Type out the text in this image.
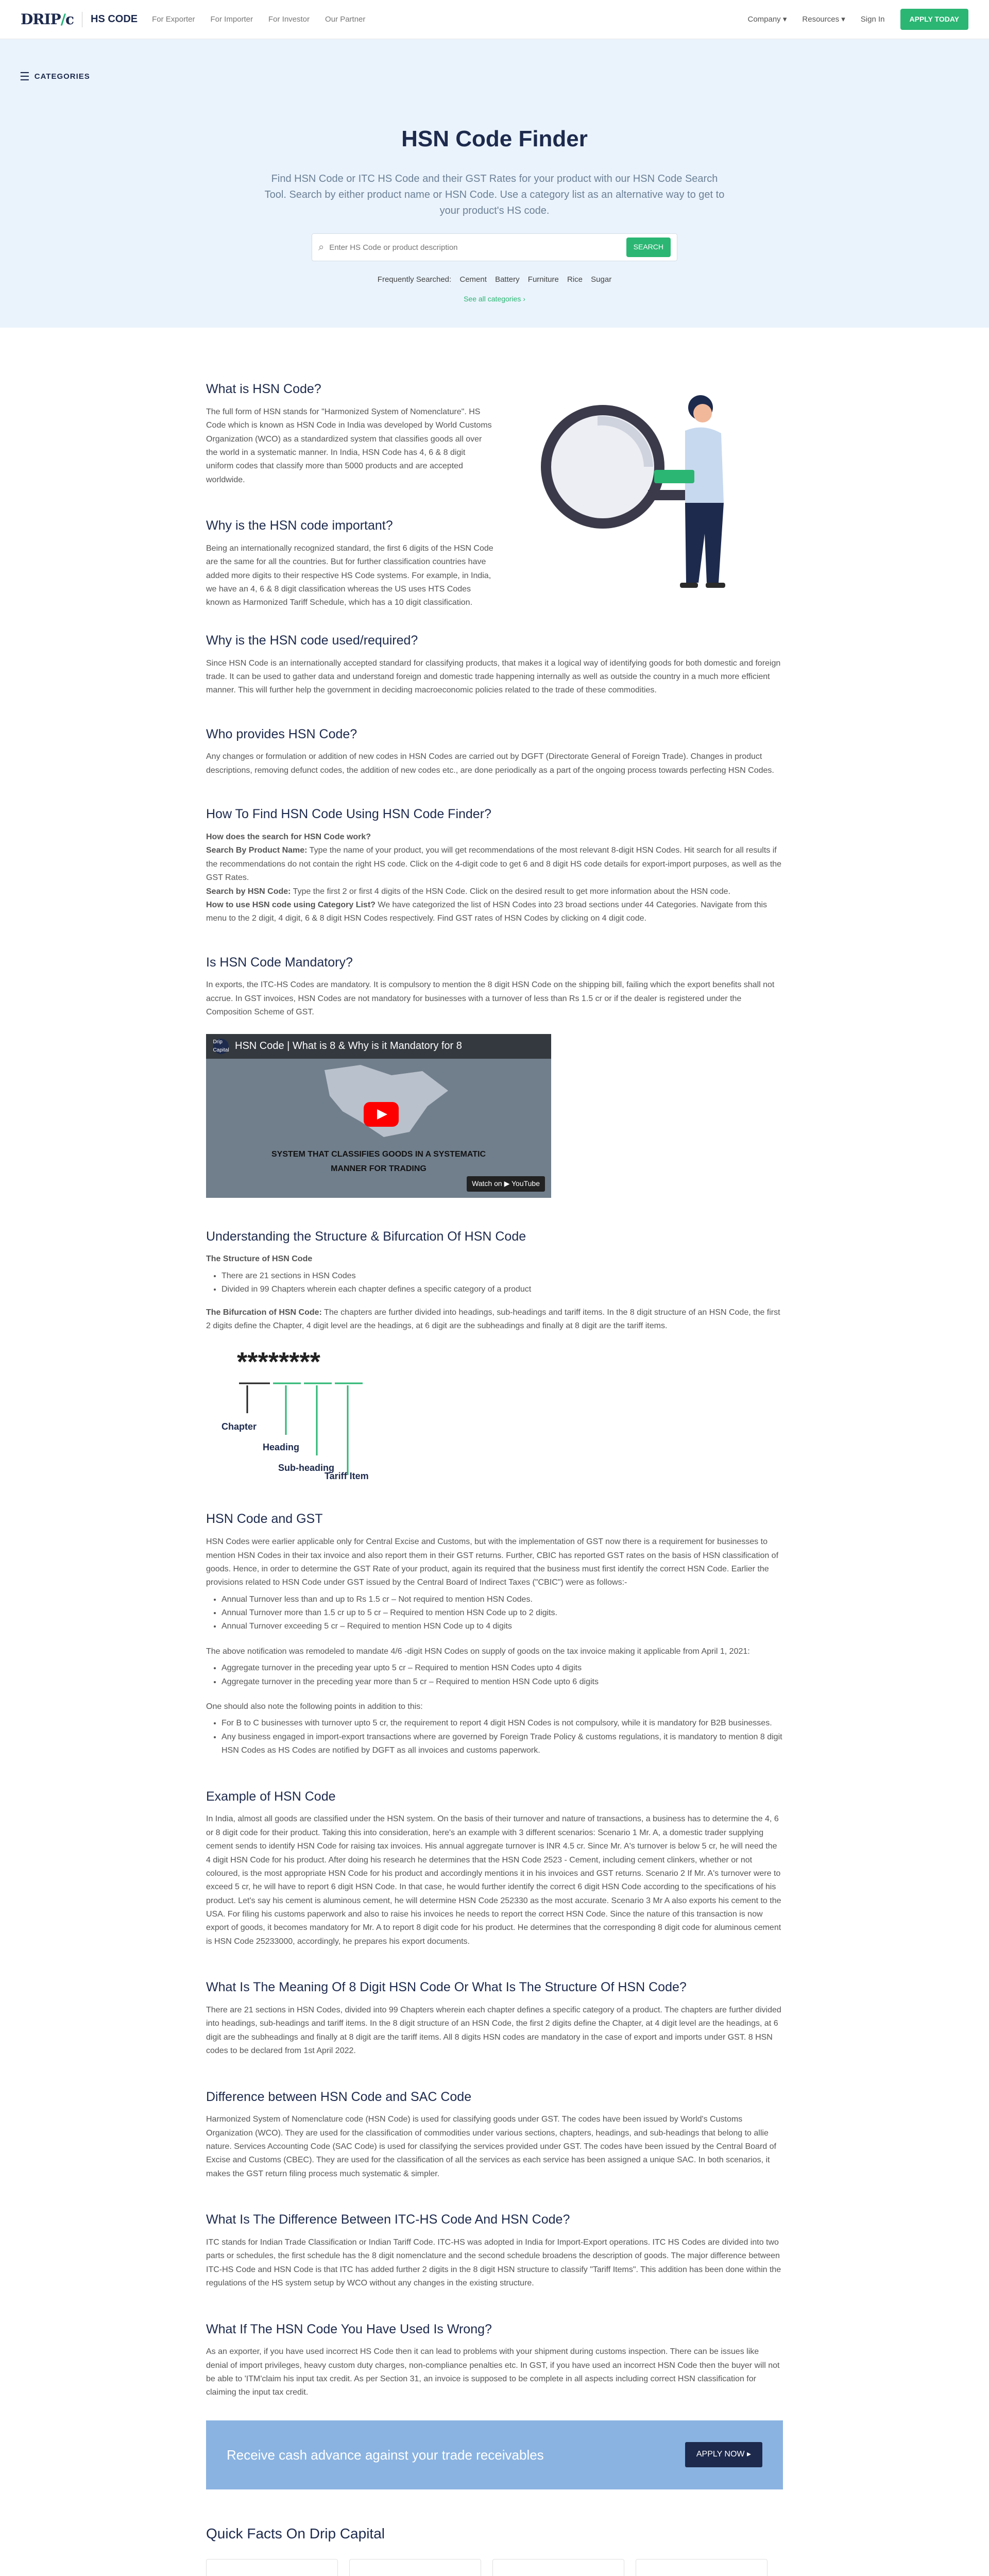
DRIP/c HS CODE For Exporter For Importer For Investor Our Partner	Company ▾ Resources ▾ Sign In	APPLY TODAY
☰ CATEGORIES
HSN Code Finder
Find HSN Code or ITC HS Code and their GST Rates for your product with our HSN Code Search Tool. Search by either product name or HSN Code. Use a category list as an alternative way to get to your product's HS code.
⌕
Enter HS Code or product description	SEARCH
Frequently Searched: Cement Battery Furniture Rice Sugar
See all categories ›
What is HSN Code?

The full form of HSN stands for "Harmonized System of Nomenclature". HS Code which is known as HSN Code in India was developed by World Customs Organization (WCO) as a standardized system that classifies goods all over the world in a systematic manner. In India, HSN Code has 4, 6 & 8 digit uniform codes that classify more than 5000 products and are accepted worldwide.

Why is the HSN code important?

Being an internationally recognized standard, the first 6 digits of the HSN Code are the same for all the countries. But for further classification countries have added more digits to their respective HS Code systems. For example, in India, we have an 4, 6 & 8 digit classification whereas the US uses HTS Codes known as Harmonized Tariff Schedule, which has a 10 digit classification.

Why is the HSN code used/required?

Since HSN Code is an internationally accepted standard for classifying products, that makes it a logical way of identifying goods for both domestic and foreign trade. It can be used to gather data and understand foreign and domestic trade happening internally as well as outside the country in a much more efficient manner. This will further help the government in deciding macroeconomic policies related to the trade of these commodities.

Who provides HSN Code?

Any changes or formulation or addition of new codes in HSN Codes are carried out by DGFT (Directorate General of Foreign Trade). Changes in product descriptions, removing defunct codes, the addition of new codes etc., are done periodically as a part of the ongoing process towards perfecting HSN Codes.

How To Find HSN Code Using HSN Code Finder?

How does the search for HSN Code work?

Search By Product Name: Type the name of your product, you will get recommendations of the most relevant 8-digit HSN Codes. Hit search for all results if the recommendations do not contain the right HS code. Click on the 4-digit code to get 6 and 8 digit HS code details for export-import purposes, as well as the GST Rates.

Search by HSN Code: Type the first 2 or first 4 digits of the HSN Code. Click on the desired result to get more information about the HSN code.

How to use HSN code using Category List? We have categorized the list of HSN Codes into 23 broad sections under 44 Categories. Navigate from this menu to the 2 digit, 4 digit, 6 & 8 digit HSN Codes respectively. Find GST rates of HSN Codes by clicking on 4 digit code.

Is HSN Code Mandatory?

In exports, the ITC-HS Codes are mandatory. It is compulsory to mention the 8 digit HSN Code on the shipping bill, failing which the export benefits shall not accrue. In GST invoices, HSN Codes are not mandatory for businesses with a turnover of less than Rs 1.5 cr or if the dealer is registered under the Composition Scheme of GST.

Drip Capital HSN Code | What is 8 & Why is it Mandatory for 8
SYSTEM THAT CLASSIFIES GOODS IN A SYSTEMATIC
MANNER FOR TRADING
Watch on ▶ YouTube
Understanding the Structure & Bifurcation Of HSN Code

The Structure of HSN Code

• There are 21 sections in HSN Codes
• Divided in 99 Chapters wherein each chapter defines a specific category of a product

The Bifurcation of HSN Code: The chapters are further divided into headings, sub-headings and tariff items. In the 8 digit structure of an HSN Code, the first 2 digits define the Chapter, 4 digit level are the headings, at 6 digit are the subheadings and finally at 8 digit are the tariff items.

********
Chapter
Heading
Sub-heading
Tariff Item
HSN Code and GST

HSN Codes were earlier applicable only for Central Excise and Customs, but with the implementation of GST now there is a requirement for businesses to mention HSN Codes in their tax invoice and also report them in their GST returns. Further, CBIC has reported GST rates on the basis of HSN classification of goods. Hence, in order to determine the GST Rate of your product, again its required that the business must first identify the correct HSN Code. Earlier the provisions related to HSN Code under GST issued by the Central Board of Indirect Taxes ("CBIC") were as follows:-

• Annual Turnover less than and up to Rs 1.5 cr – Not required to mention HSN Codes.
• Annual Turnover more than 1.5 cr up to 5 cr – Required to mention HSN Code up to 2 digits.
• Annual Turnover exceeding 5 cr – Required to mention HSN Code up to 4 digits

The above notification was remodeled to mandate 4/6 -digit HSN Codes on supply of goods on the tax invoice making it applicable from April 1, 2021:

• Aggregate turnover in the preceding year upto 5 cr – Required to mention HSN Codes upto 4 digits
• Aggregate turnover in the preceding year more than 5 cr – Required to mention HSN Code upto 6 digits

One should also note the following points in addition to this:

• For B to C businesses with turnover upto 5 cr, the requirement to report 4 digit HSN Codes is not compulsory, while it is mandatory for B2B businesses.
• Any business engaged in import-export transactions where are governed by Foreign Trade Policy & customs regulations, it is mandatory to mention 8 digit HSN Codes as HS Codes are notified by DGFT as all invoices and customs paperwork.
Example of HSN Code

In India, almost all goods are classified under the HSN system. On the basis of their turnover and nature of transactions, a business has to determine the 4, 6 or 8 digit code for their product. Taking this into consideration, here's an example with 3 different scenarios: Scenario 1 Mr. A, a domestic trader supplying cement sends to identify HSN Code for raising tax invoices. His annual aggregate turnover is INR 4.5 cr. Since Mr. A's turnover is below 5 cr, he will need the 4 digit HSN Code for his product. After doing his research he determines that the HSN Code 2523 - Cement, including cement clinkers, whether or not coloured, is the most appropriate HSN Code for his product and accordingly mentions it in his invoices and GST returns. Scenario 2 If Mr. A's turnover were to exceed 5 cr, he will have to report 6 digit HSN Code. In that case, he would further identify the correct 6 digit HSN Code according to the specifications of his product. Let's say his cement is aluminous cement, he will determine HSN Code 252330 as the most accurate. Scenario 3 Mr A also exports his cement to the USA. For filing his customs paperwork and also to raise his invoices he needs to report the correct HSN Code. Since the nature of this transaction is now export of goods, it becomes mandatory for Mr. A to report 8 digit code for his product. He determines that the corresponding 8 digit code for aluminous cement is HSN Code 25233000, accordingly, he prepares his export documents.

What Is The Meaning Of 8 Digit HSN Code Or What Is The Structure Of HSN Code?

There are 21 sections in HSN Codes, divided into 99 Chapters wherein each chapter defines a specific category of a product. The chapters are further divided into headings, sub-headings and tariff items. In the 8 digit structure of an HSN Code, the first 2 digits define the Chapter, at 4 digit level are the headings, at 6 digit are the subheadings and finally at 8 digit are the tariff items. All 8 digits HSN codes are mandatory in the case of export and imports under GST. 8 HSN codes to be declared from 1st April 2022.

Difference between HSN Code and SAC Code

Harmonized System of Nomenclature code (HSN Code) is used for classifying goods under GST. The codes have been issued by World's Customs Organization (WCO). They are used for the classification of commodities under various sections, chapters, headings, and sub-headings that belong to allie nature. Services Accounting Code (SAC Code) is used for classifying the services provided under GST. The codes have been issued by the Central Board of Excise and Customs (CBEC). They are used for the classification of all the services as each service has been assigned a unique SAC. In both scenarios, it makes the GST return filing process much systematic & simpler.

What Is The Difference Between ITC-HS Code And HSN Code?

ITC stands for Indian Trade Classification or Indian Tariff Code. ITC-HS was adopted in India for Import-Export operations. ITC HS Codes are divided into two parts or schedules, the first schedule has the 8 digit nomenclature and the second schedule broadens the description of goods. The major difference between ITC-HS Code and HSN Code is that ITC has added further 2 digits in the 8 digit HSN structure to classify "Tariff Items". This addition has been done within the regulations of the HS system setup by WCO without any changes in the existing structure.

What If The HSN Code You Have Used Is Wrong?

As an exporter, if you have used incorrect HS Code then it can lead to problems with your shipment during customs inspection. There can be issues like denial of import privileges, heavy custom duty charges, non-compliance penalties etc. In GST, if you have used an incorrect HSN Code then the buyer will not be able to 'ITM'claim his input tax credit. As per Section 31, an invoice is supposed to be complete in all aspects including correct HSN classification for claiming the input tax credit.

Receive cash advance against your trade receivables	APPLY NOW ▸
Quick Facts On Drip Capital
